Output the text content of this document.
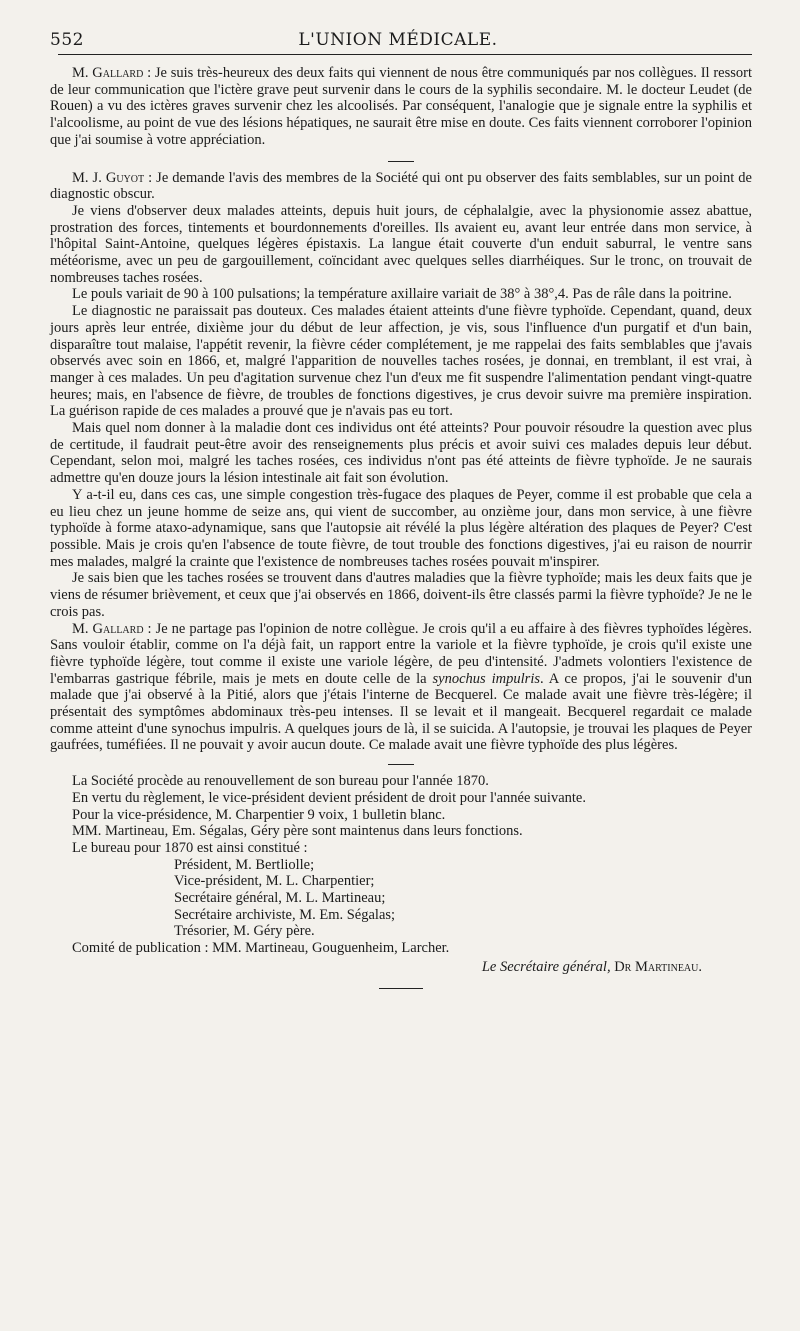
552	L'UNION MÉDICALE.

M. Gallard : Je suis très-heureux des deux faits qui viennent de nous être communiqués par nos collègues. Il ressort de leur communication que l'ictère grave peut survenir dans le cours de la syphilis secondaire. M. le docteur Leudet (de Rouen) a vu des ictères graves survenir chez les alcoolisés. Par conséquent, l'analogie que je signale entre la syphilis et l'alcoolisme, au point de vue des lésions hépatiques, ne saurait être mise en doute. Ces faits viennent corroborer l'opinion que j'ai soumise à votre appréciation.

M. J. Guyot : Je demande l'avis des membres de la Société qui ont pu observer des faits semblables, sur un point de diagnostic obscur.

Je viens d'observer deux malades atteints, depuis huit jours, de céphalalgie, avec la physionomie assez abattue, prostration des forces, tintements et bourdonnements d'oreilles. Ils avaient eu, avant leur entrée dans mon service, à l'hôpital Saint-Antoine, quelques légères épistaxis. La langue était couverte d'un enduit saburral, le ventre sans météorisme, avec un peu de gargouillement, coïncidant avec quelques selles diarrhéiques. Sur le tronc, on trouvait de nombreuses taches rosées.

Le pouls variait de 90 à 100 pulsations; la température axillaire variait de 38° à 38°,4. Pas de râle dans la poitrine.

Le diagnostic ne paraissait pas douteux. Ces malades étaient atteints d'une fièvre typhoïde. Cependant, quand, deux jours après leur entrée, dixième jour du début de leur affection, je vis, sous l'influence d'un purgatif et d'un bain, disparaître tout malaise, l'appétit revenir, la fièvre céder complétement, je me rappelai des faits semblables que j'avais observés avec soin en 1866, et, malgré l'apparition de nouvelles taches rosées, je donnai, en tremblant, il est vrai, à manger à ces malades. Un peu d'agitation survenue chez l'un d'eux me fit suspendre l'alimentation pendant vingt-quatre heures; mais, en l'absence de fièvre, de troubles de fonctions digestives, je crus devoir suivre ma première inspiration. La guérison rapide de ces malades a prouvé que je n'avais pas eu tort.

Mais quel nom donner à la maladie dont ces individus ont été atteints? Pour pouvoir résoudre la question avec plus de certitude, il faudrait peut-être avoir des renseignements plus précis et avoir suivi ces malades depuis leur début. Cependant, selon moi, malgré les taches rosées, ces individus n'ont pas été atteints de fièvre typhoïde. Je ne saurais admettre qu'en douze jours la lésion intestinale ait fait son évolution.

Y a-t-il eu, dans ces cas, une simple congestion très-fugace des plaques de Peyer, comme il est probable que cela a eu lieu chez un jeune homme de seize ans, qui vient de succomber, au onzième jour, dans mon service, à une fièvre typhoïde à forme ataxo-adynamique, sans que l'autopsie ait révélé la plus légère altération des plaques de Peyer? C'est possible. Mais je crois qu'en l'absence de toute fièvre, de tout trouble des fonctions digestives, j'ai eu raison de nourrir mes malades, malgré la crainte que l'existence de nombreuses taches rosées pouvait m'inspirer.

Je sais bien que les taches rosées se trouvent dans d'autres maladies que la fièvre typhoïde; mais les deux faits que je viens de résumer brièvement, et ceux que j'ai observés en 1866, doivent-ils être classés parmi la fièvre typhoïde? Je ne le crois pas.

M. Gallard : Je ne partage pas l'opinion de notre collègue. Je crois qu'il a eu affaire à des fièvres typhoïdes légères. Sans vouloir établir, comme on l'a déjà fait, un rapport entre la variole et la fièvre typhoïde, je crois qu'il existe une fièvre typhoïde légère, tout comme il existe une variole légère, de peu d'intensité. J'admets volontiers l'existence de l'embarras gastrique fébrile, mais je mets en doute celle de la synochus impulris. A ce propos, j'ai le souvenir d'un malade que j'ai observé à la Pitié, alors que j'étais l'interne de Becquerel. Ce malade avait une fièvre très-légère; il présentait des symptômes abdominaux très-peu intenses. Il se levait et il mangeait. Becquerel regardait ce malade comme atteint d'une synochus impulris. A quelques jours de là, il se suicida. A l'autopsie, je trouvai les plaques de Peyer gaufrées, tuméfiées. Il ne pouvait y avoir aucun doute. Ce malade avait une fièvre typhoïde des plus légères.

La Société procède au renouvellement de son bureau pour l'année 1870.

En vertu du règlement, le vice-président devient président de droit pour l'année suivante.

Pour la vice-présidence, M. Charpentier 9 voix, 1 bulletin blanc.

MM. Martineau, Em. Ségalas, Géry père sont maintenus dans leurs fonctions.

Le bureau pour 1870 est ainsi constitué :

Président, M. Bertliolle;
Vice-président, M. L. Charpentier;
Secrétaire général, M. L. Martineau;
Secrétaire archiviste, M. Em. Ségalas;
Trésorier, M. Géry père.

Comité de publication : MM. Martineau, Gouguenheim, Larcher.

Le Secrétaire général, Dr Martineau.
